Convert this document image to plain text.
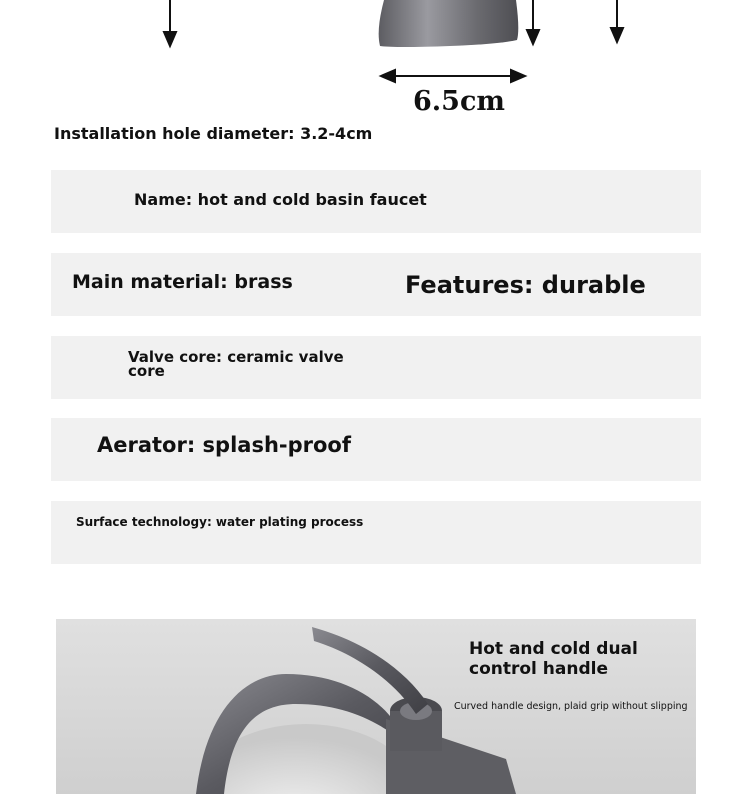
6.5cm
Installation hole diameter: 3.2-4cm
Name: hot and cold basin faucet
Main material: brass	Features: durable
Valve core: ceramic valve core
Aerator: splash-proof
Surface technology: water plating process
Hot and cold dual control handle
Curved handle design, plaid grip without slipping
